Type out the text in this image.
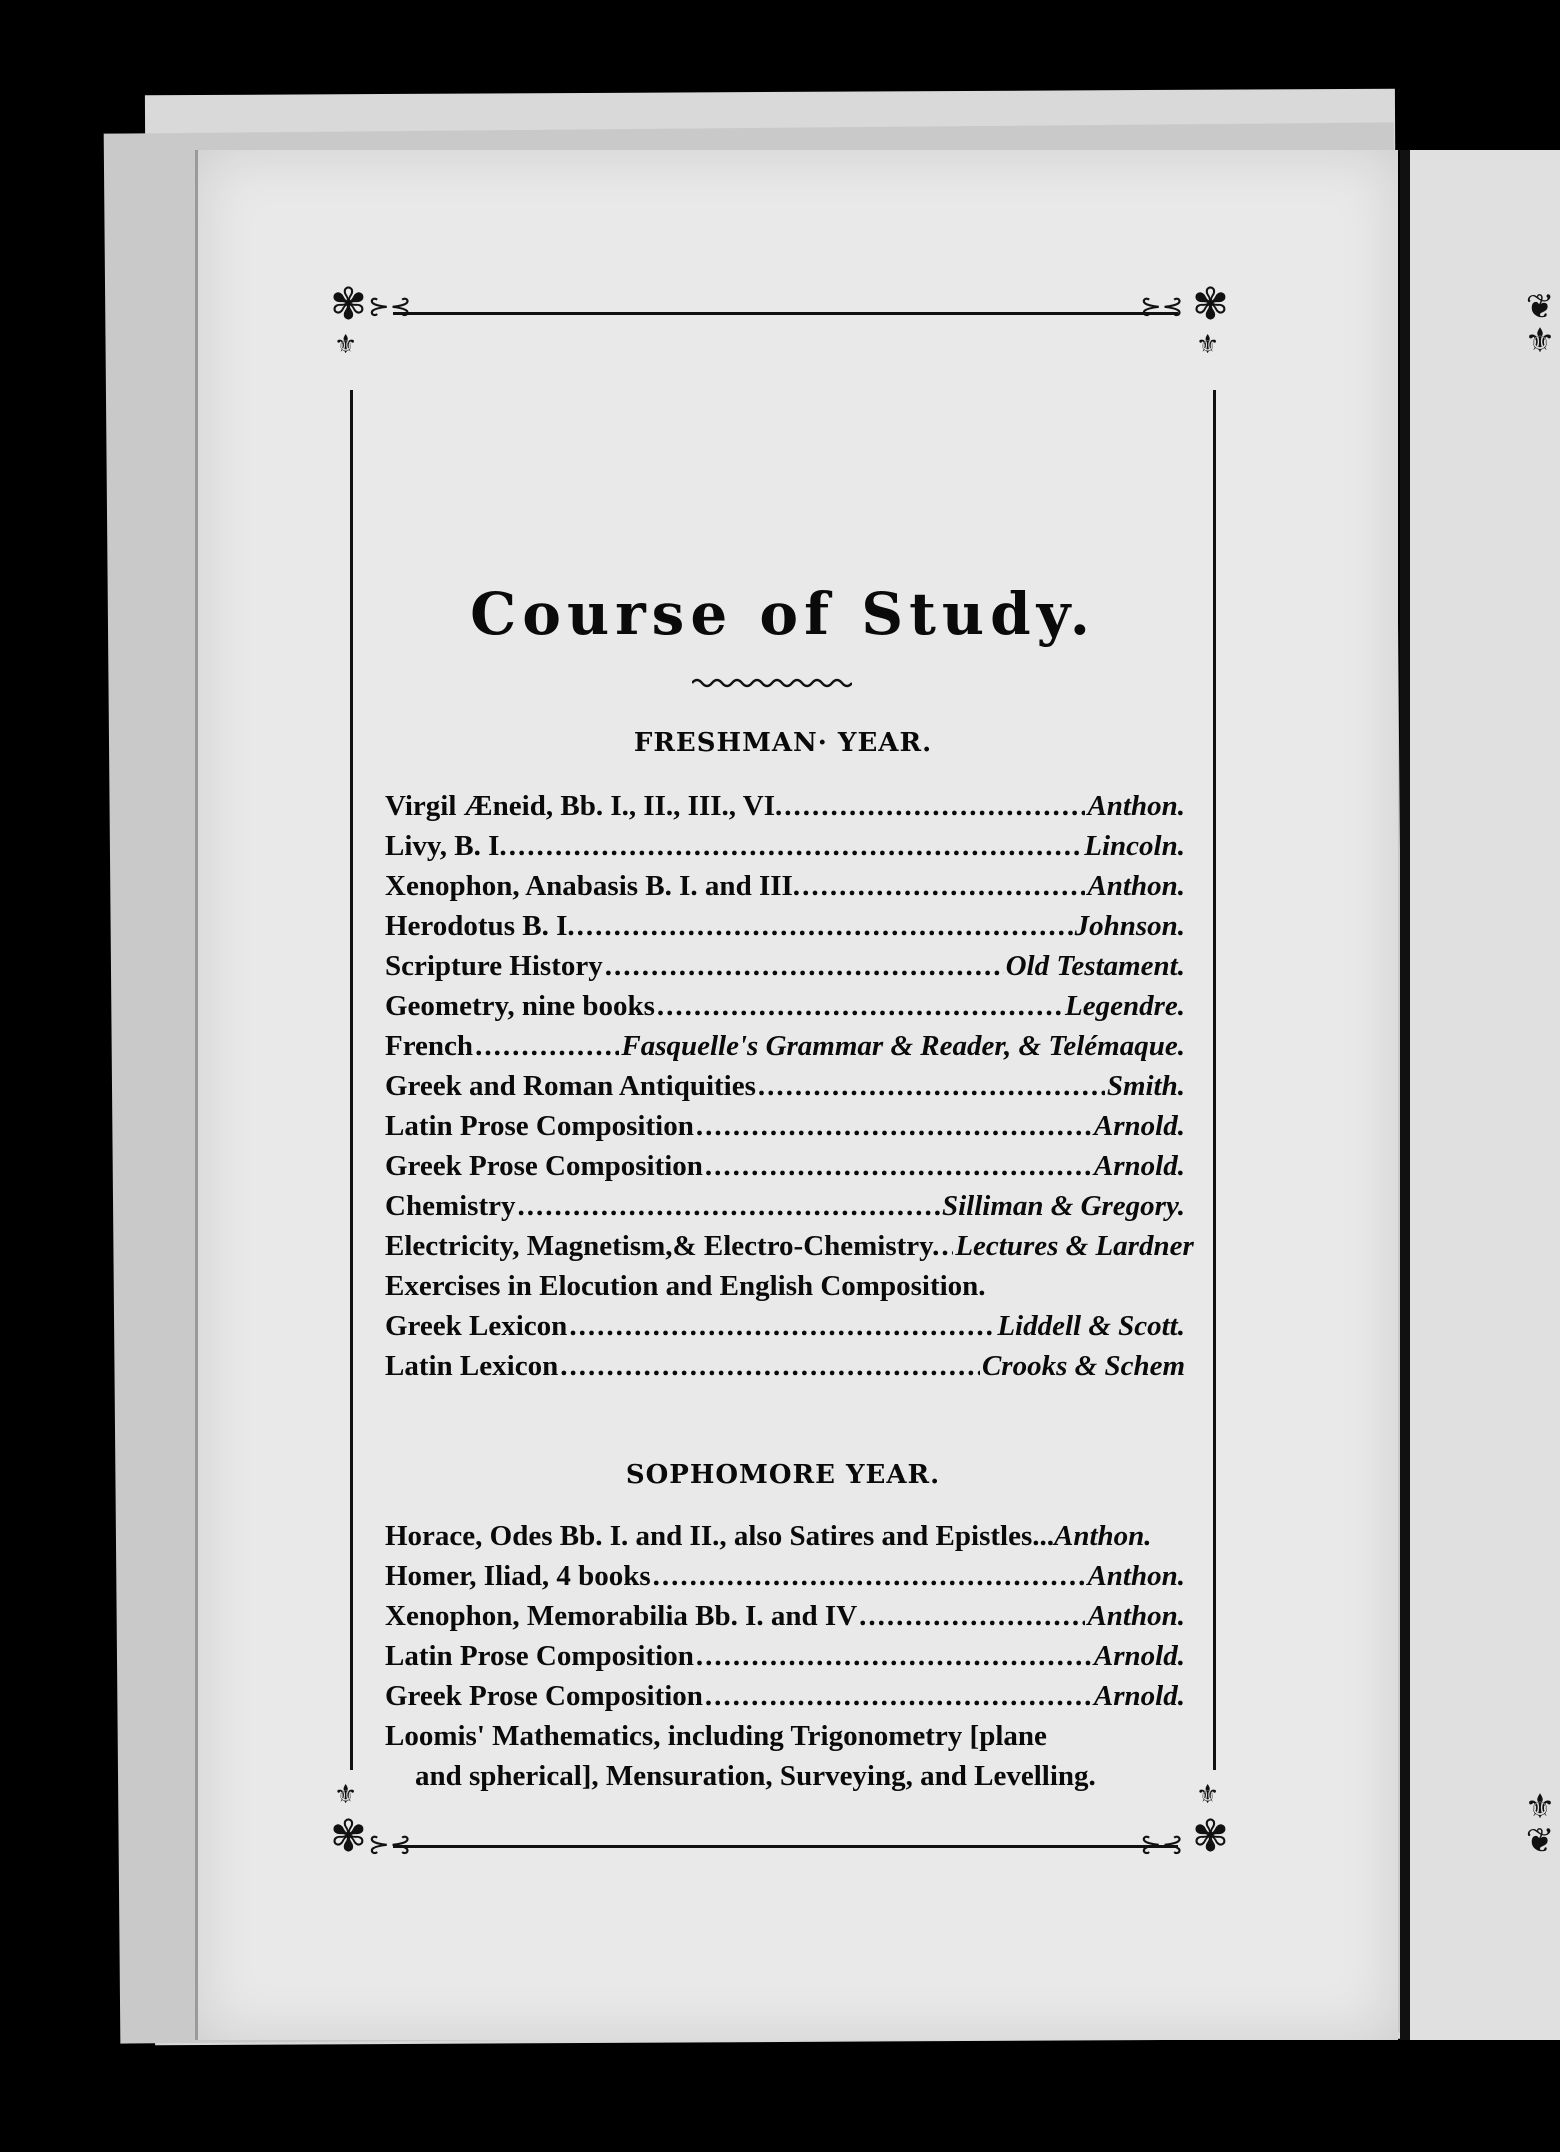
❦
⚜
⚜
❦
✾ ⊱⊰
⚜
✾
⊱⊰
⚜
⚜
✾ ⊱⊰
⚜
✾
⊱⊰
Course of Study.
FRESHMAN· YEAR.
Virgil Æneid, Bb. I., II., III., VI. .....	Anthon.
Livy, B. I. .....	Lincoln.
Xenophon, Anabasis B. I. and III. .....	Anthon.
Herodotus B. I. .....	Johnson.
Scripture History .....	Old Testament.
Geometry, nine books .....	Legendre.
French .....	Fasquelle's Grammar & Reader, & Telémaque.
Greek and Roman Antiquities .....	Smith.
Latin Prose Composition .....	Arnold.
Greek Prose Composition .....	Arnold.
Chemistry .....	Silliman & Gregory.
Electricity, Magnetism,& Electro-Chemistry. ..... Lectures & Lardner
Exercises in Elocution and English Composition.
Greek Lexicon .....	Liddell & Scott.
Latin Lexicon .....	Crooks & Schem
SOPHOMORE YEAR.
Horace, Odes Bb. I. and II., also Satires and Epistles... Anthon.
Homer, Iliad, 4 books .....	Anthon.
Xenophon, Memorabilia Bb. I. and IV .....	Anthon.
Latin Prose Composition .....	Arnold.
Greek Prose Composition .....	Arnold.
Loomis' Mathematics, including Trigonometry [plane
and spherical], Mensuration, Surveying, and Levelling.
